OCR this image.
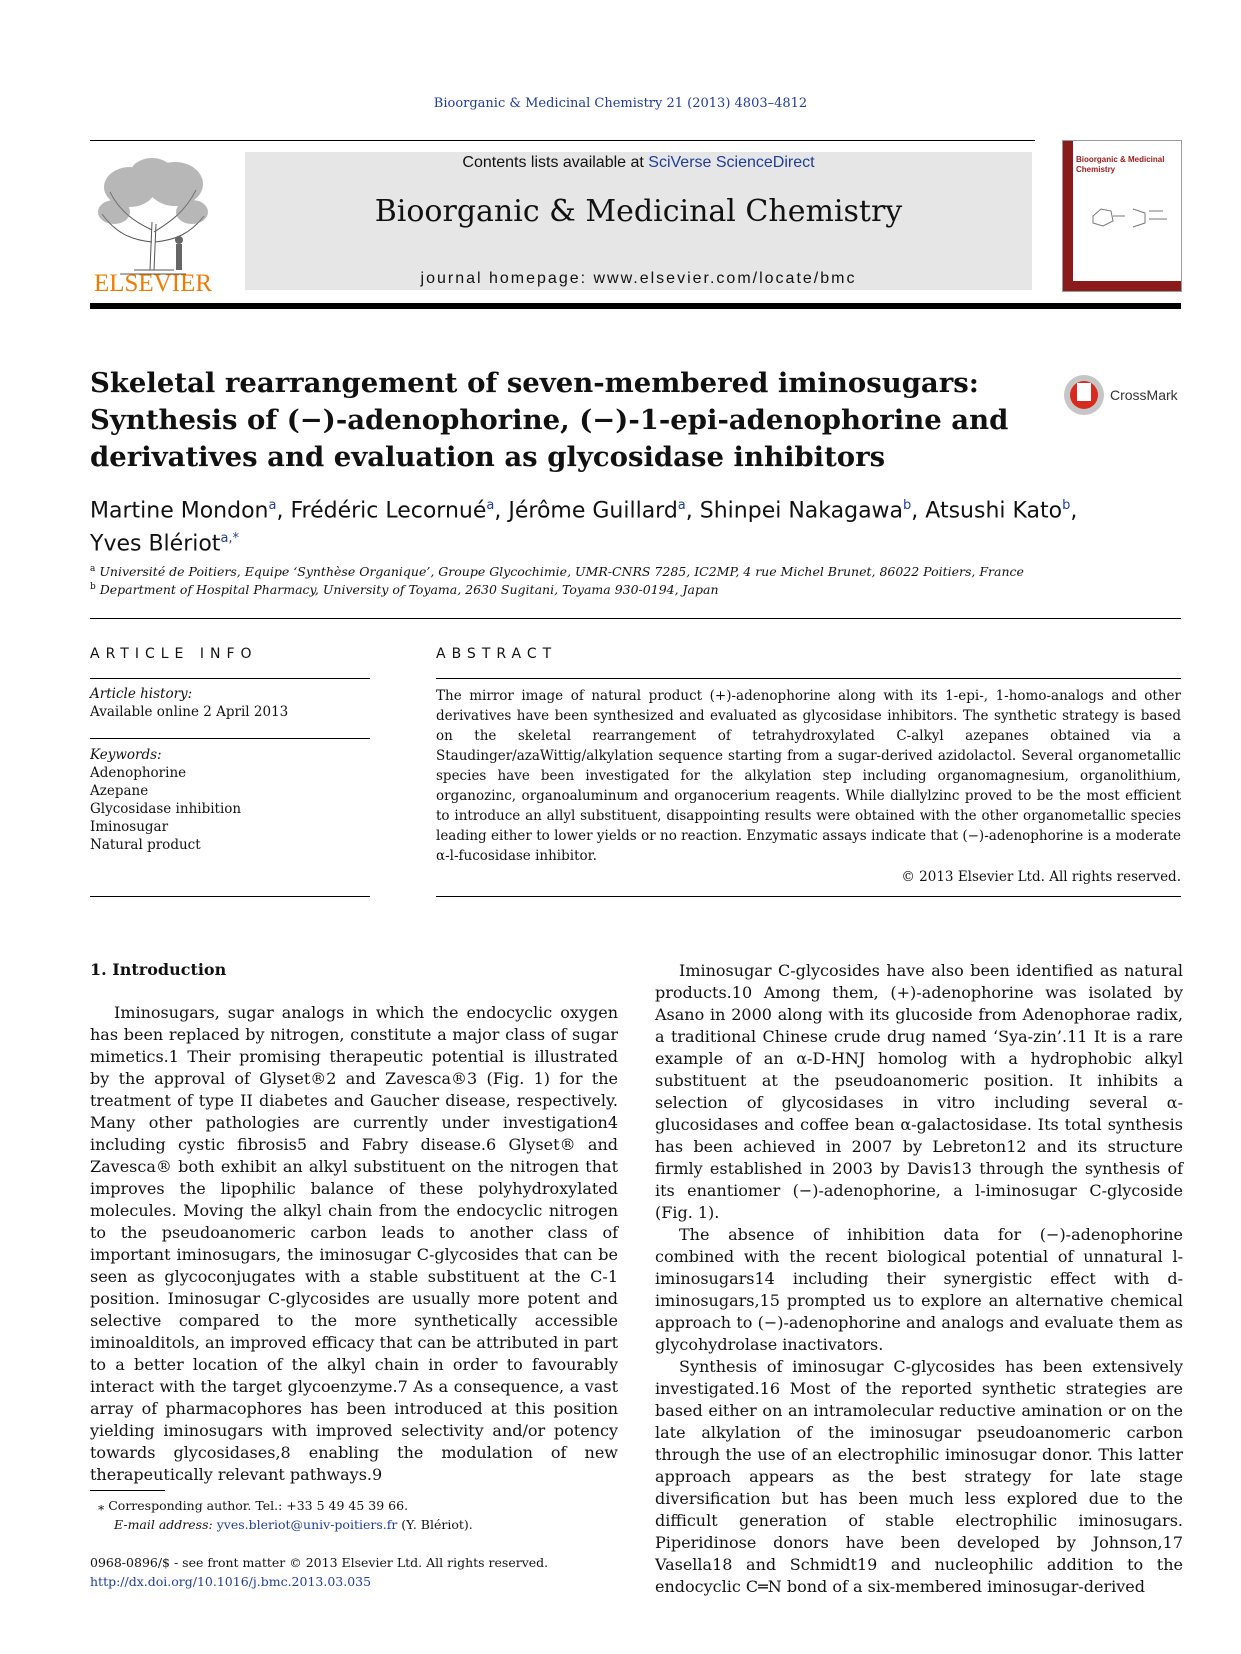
Bioorganic & Medicinal Chemistry 21 (2013) 4803–4812
ELSEVIER
Contents lists available at SciVerse ScienceDirect
Bioorganic & Medicinal Chemistry
journal homepage: www.elsevier.com/locate/bmc
Bioorganic & Medicinal Chemistry
Skeletal rearrangement of seven-membered iminosugars: Synthesis of (−)-adenophorine, (−)-1-epi-adenophorine and derivatives and evaluation as glycosidase inhibitors
CrossMark
Martine Mondon$^a$, Frédéric Lecornué$^a$, Jérôme Guillard$^a$, Shinpei Nakagawa$^b$, Atsushi Kato$^b$,
Yves Blériot$^{a,*}$
$^a$ Université de Poitiers, Equipe ‘Synthèse Organique’, Groupe Glycochimie, UMR-CNRS 7285, IC2MP, 4 rue Michel Brunet, 86022 Poitiers, France
$^b$ Department of Hospital Pharmacy, University of Toyama, 2630 Sugitani, Toyama 930-0194, Japan
ARTICLE INFO
Article history:
Available online 2 April 2013
Keywords:
Adenophorine
Azepane
Glycosidase inhibition
Iminosugar
Natural product
ABSTRACT
The mirror image of natural product (+)-adenophorine along with its 1-epi-, 1-homo-analogs and other derivatives have been synthesized and evaluated as glycosidase inhibitors. The synthetic strategy is based on the skeletal rearrangement of tetrahydroxylated C-alkyl azepanes obtained via a Staudinger/azaWittig/alkylation sequence starting from a sugar-derived azidolactol. Several organometallic species have been investigated for the alkylation step including organomagnesium, organolithium, organozinc, organoaluminum and organocerium reagents. While diallylzinc proved to be the most efficient to introduce an allyl substituent, disappointing results were obtained with the other organometallic species leading either to lower yields or no reaction. Enzymatic assays indicate that (−)-adenophorine is a moderate α-l-fucosidase inhibitor.
© 2013 Elsevier Ltd. All rights reserved.
1. Introduction

Iminosugars, sugar analogs in which the endocyclic oxygen has been replaced by nitrogen, constitute a major class of sugar mimetics.1 Their promising therapeutic potential is illustrated by the approval of Glyset®2 and Zavesca®3 (Fig. 1) for the treatment of type II diabetes and Gaucher disease, respectively. Many other pathologies are currently under investigation4 including cystic fibrosis5 and Fabry disease.6 Glyset® and Zavesca® both exhibit an alkyl substituent on the nitrogen that improves the lipophilic balance of these polyhydroxylated molecules. Moving the alkyl chain from the endocyclic nitrogen to the pseudoanomeric carbon leads to another class of important iminosugars, the iminosugar C-glycosides that can be seen as glycoconjugates with a stable substituent at the C-1 position. Iminosugar C-glycosides are usually more potent and selective compared to the more synthetically accessible iminoalditols, an improved efficacy that can be attributed in part to a better location of the alkyl chain in order to favourably interact with the target glycoenzyme.7 As a consequence, a vast array of pharmacophores has been introduced at this position yielding iminosugars with improved selectivity and/or potency towards glycosidases,8 enabling the modulation of new therapeutically relevant pathways.9

Iminosugar C-glycosides have also been identified as natural products.10 Among them, (+)-adenophorine was isolated by Asano in 2000 along with its glucoside from Adenophorae radix, a traditional Chinese crude drug named ‘Sya-zin’.11 It is a rare example of an α-D-HNJ homolog with a hydrophobic alkyl substituent at the pseudoanomeric position. It inhibits a selection of glycosidases in vitro including several α-glucosidases and coffee bean α-galactosidase. Its total synthesis has been achieved in 2007 by Lebreton12 and its structure firmly established in 2003 by Davis13 through the synthesis of its enantiomer (−)-adenophorine, a l-iminosugar C-glycoside (Fig. 1).

The absence of inhibition data for (−)-adenophorine combined with the recent biological potential of unnatural l-iminosugars14 including their synergistic effect with d-iminosugars,15 prompted us to explore an alternative chemical approach to (−)-adenophorine and analogs and evaluate them as glycohydrolase inactivators.

Synthesis of iminosugar C-glycosides has been extensively investigated.16 Most of the reported synthetic strategies are based either on an intramolecular reductive amination or on the late alkylation of the iminosugar pseudoanomeric carbon through the use of an electrophilic iminosugar donor. This latter approach appears as the best strategy for late stage diversification but has been much less explored due to the difficult generation of stable electrophilic iminosugars. Piperidinose donors have been developed by Johnson,17 Vasella18 and Schmidt19 and nucleophilic addition to the endocyclic C═N bond of a six-membered iminosugar-derived

⁎ Corresponding author. Tel.: +33 5 49 45 39 66.
E-mail address: yves.bleriot@univ-poitiers.fr (Y. Blériot).
0968-0896/$ - see front matter © 2013 Elsevier Ltd. All rights reserved.
http://dx.doi.org/10.1016/j.bmc.2013.03.035
